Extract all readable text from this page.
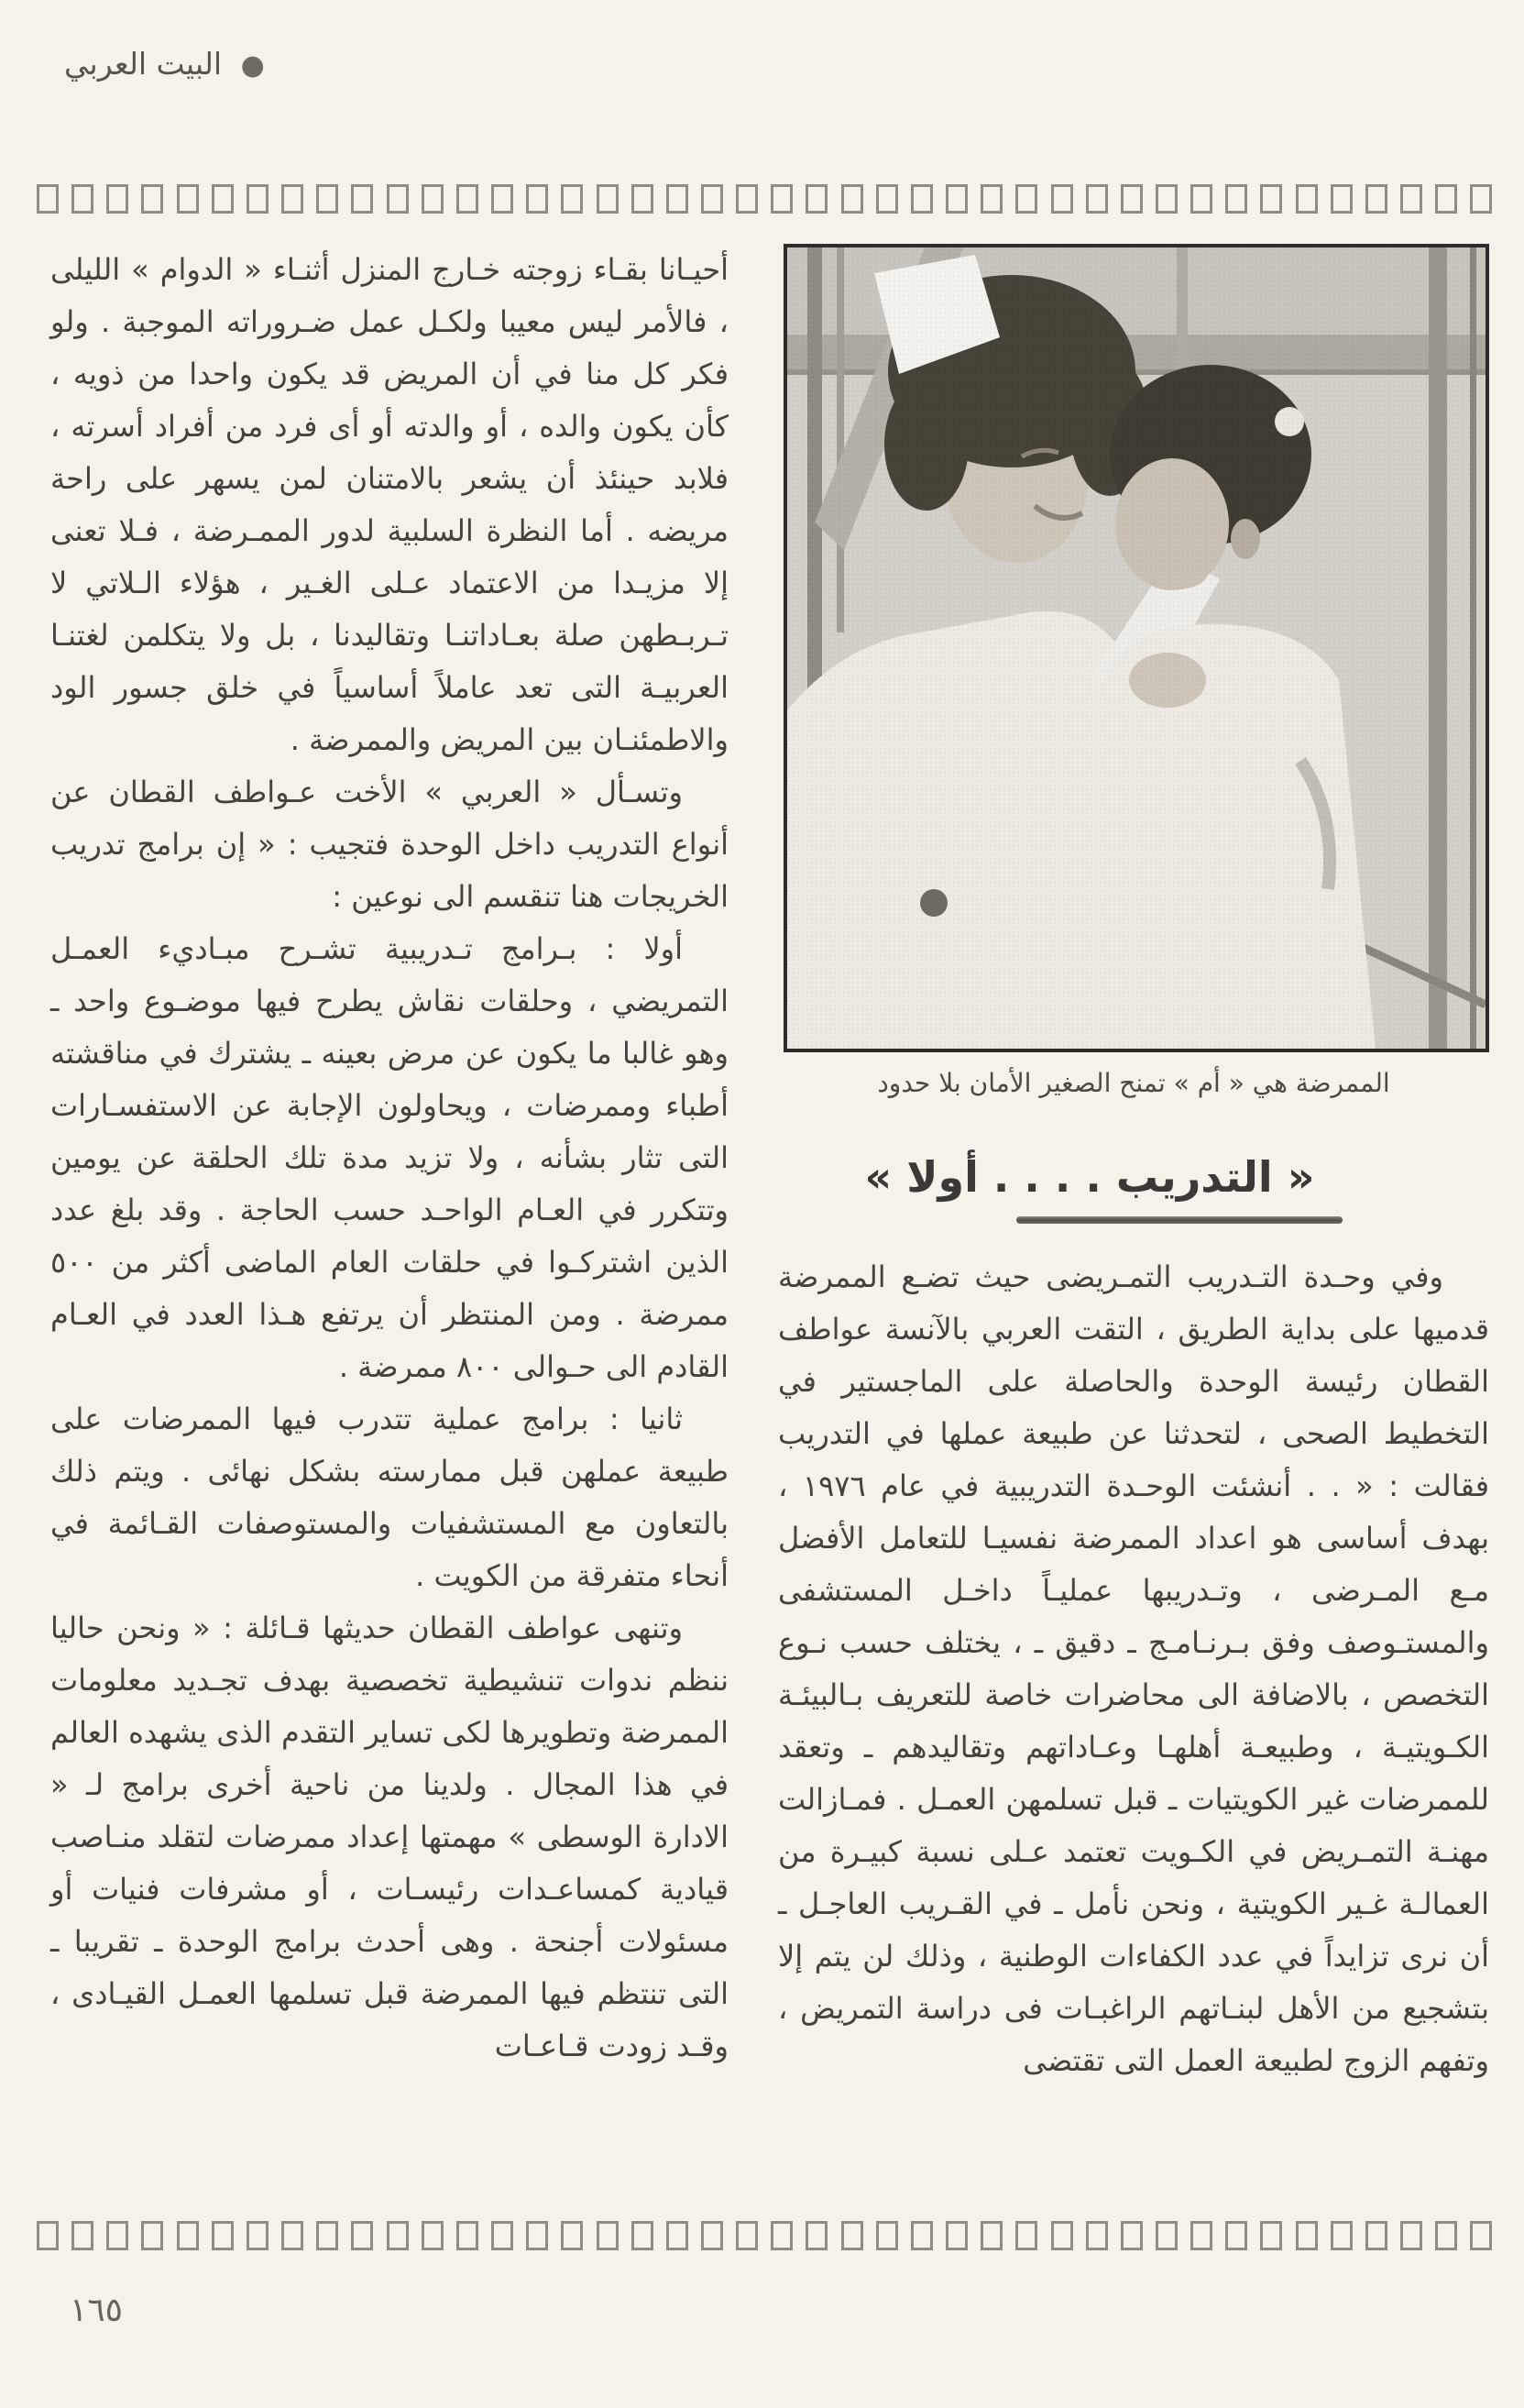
● البيت العربي
الممرضة هي « أم » تمنح الصغير الأمان بلا حدود
« التدريب . . . . أولا »

وفي وحـدة التـدريب التمـريضى حيث تضـع الممرضة قدميها على بداية الطريق ، التقت العربي بالآنسة عواطف القطان رئيسة الوحدة والحاصلة على الماجستير في التخطيط الصحى ، لتحدثنا عن طبيعة عملها في التدريب فقالت : « . . أنشئت الوحـدة التدريبية في عام ١٩٧٦ ، بهدف أساسى هو اعداد الممرضة نفسيـا للتعامل الأفضل مـع المـرضى ، وتـدريبها عمليـاً داخـل المستشفى والمستـوصف وفق بـرنـامـج ـ دقيق ـ ، يختلف حسب نـوع التخصص ، بالاضافة الى محاضرات خاصة للتعريف بـالبيئـة الكـويتيـة ، وطبيعـة أهلهـا وعـاداتهم وتقاليدهم ـ وتعقد للممرضات غير الكويتيات ـ قبل تسلمهن العمـل . فمـازالت مهنـة التمـريض في الكـويت تعتمد عـلى نسبة كبيـرة من العمالـة غـير الكويتية ، ونحن نأمل ـ في القـريب العاجـل ـ أن نرى تزايداً في عدد الكفاءات الوطنية ، وذلك لن يتم إلا بتشجيع من الأهل لبنـاتهم الراغبـات فى دراسة التمريض ، وتفهم الزوج لطبيعة العمل التى تقتضى

أحيـانا بقـاء زوجته خـارج المنزل أثنـاء « الدوام » الليلى ، فالأمر ليس معيبا ولكـل عمل ضـروراته الموجبة . ولو فكر كل منا في أن المريض قد يكون واحدا من ذويه ، كأن يكون والده ، أو والدته أو أى فرد من أفراد أسرته ، فلابد حينئذ أن يشعر بالامتنان لمن يسهر على راحة مريضه . أما النظرة السلبية لدور الممـرضة ، فـلا تعنى إلا مزيـدا من الاعتماد عـلى الغـير ، هؤلاء الـلاتي لا تـربـطهن صلة بعـاداتنـا وتقاليدنا ، بل ولا يتكلمن لغتنـا العربيـة التى تعد عاملاً أساسياً في خلق جسور الود والاطمئنـان بين المريض والممرضة .

وتسـأل « العربي » الأخت عـواطف القطان عن أنواع التدريب داخل الوحدة فتجيب : « إن برامج تدريب الخريجات هنا تنقسم الى نوعين :

أولا : بـرامج تـدريبية تشـرح مبـاديء العمـل التمريضي ، وحلقات نقاش يطرح فيها موضـوع واحد ـ وهو غالبا ما يكون عن مرض بعينه ـ يشترك في مناقشته أطباء وممرضات ، ويحاولون الإجابة عن الاستفسـارات التى تثار بشأنه ، ولا تزيد مدة تلك الحلقة عن يومين وتتكرر في العـام الواحـد حسب الحاجة . وقد بلغ عدد الذين اشتركـوا في حلقات العام الماضى أكثر من ٥٠٠ ممرضة . ومن المنتظر أن يرتفع هـذا العدد في العـام القادم الى حـوالى ٨٠٠ ممرضة .

ثانيا : برامج عملية تتدرب فيها الممرضات على طبيعة عملهن قبل ممارسته بشكل نهائى . ويتم ذلك بالتعاون مع المستشفيات والمستوصفات القـائمة في أنحاء متفرقة من الكويت .

وتنهى عواطف القطان حديثها قـائلة : « ونحن حاليا ننظم ندوات تنشيطية تخصصية بهدف تجـديد معلومات الممرضة وتطويرها لكى تساير التقدم الذى يشهده العالم في هذا المجال . ولدينا من ناحية أخرى برامج لـ « الادارة الوسطى » مهمتها إعداد ممرضات لتقلد منـاصب قيادية كمساعـدات رئيسـات ، أو مشرفات فنيات أو مسئولات أجنحة . وهى أحدث برامج الوحدة ـ تقريبا ـ التى تنتظم فيها الممرضة قبل تسلمها العمـل القيـادى ، وقـد زودت قـاعـات

١٦٥
